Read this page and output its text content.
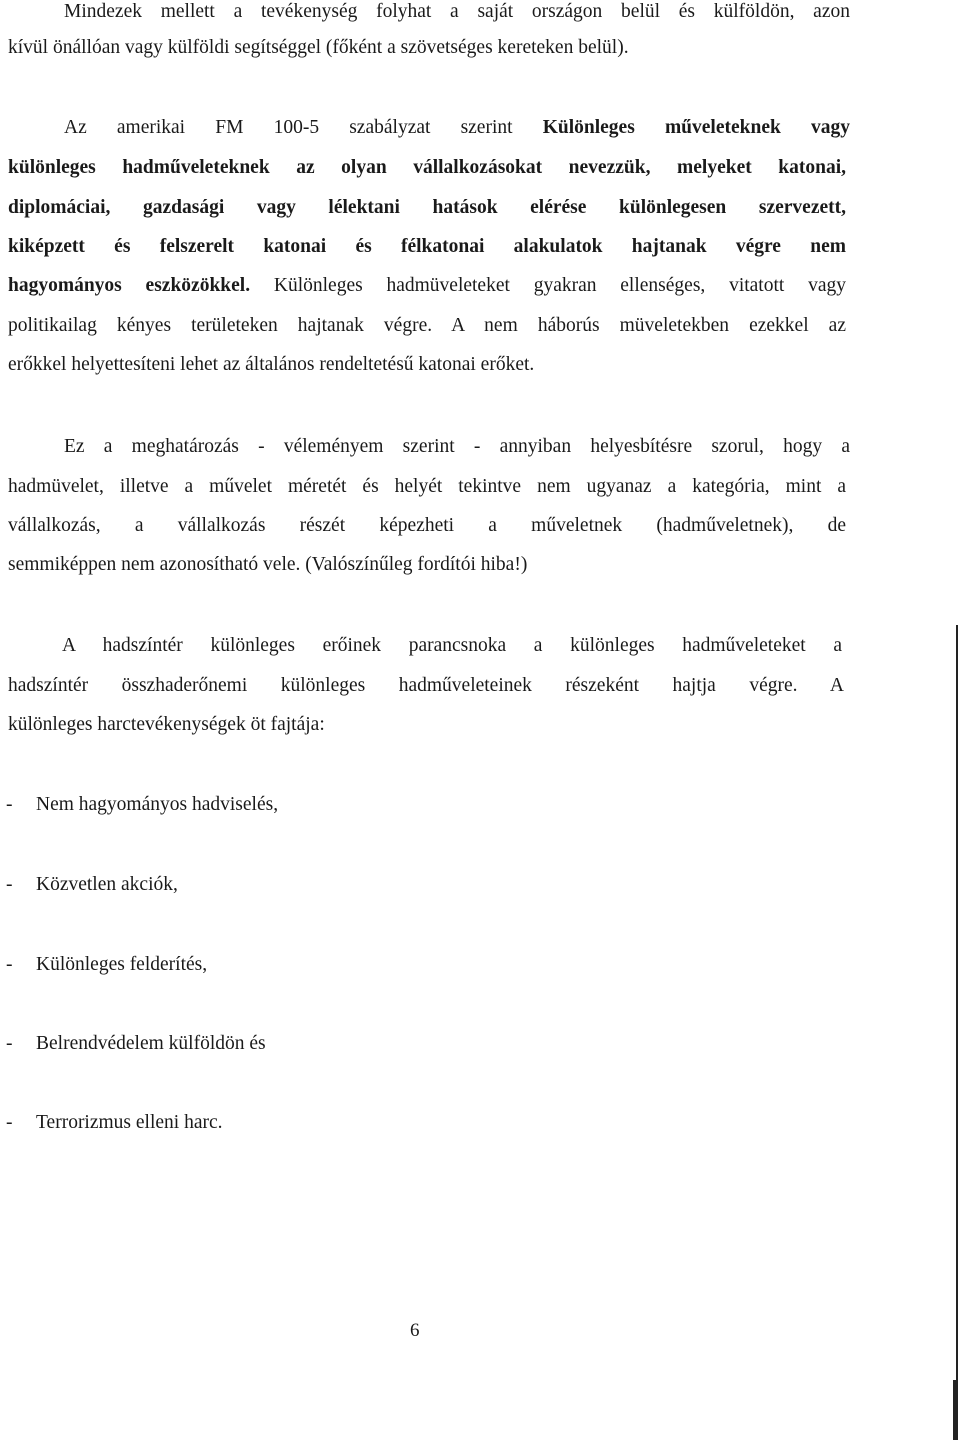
Mindezek mellett a tevékenység folyhat a saját országon belül és külföldön, azon
kívül önállóan vagy külföldi segítséggel (főként a szövetséges kereteken belül).
Az amerikai FM 100-5 szabályzat szerint Különleges műveleteknek vagy
különleges hadműveleteknek az olyan vállalkozásokat nevezzük, melyeket katonai,
diplomáciai, gazdasági vagy lélektani hatások elérése különlegesen szervezett,
kiképzett és felszerelt katonai és félkatonai alakulatok hajtanak végre nem
hagyományos eszközökkel. Különleges hadmüveleteket gyakran ellenséges, vitatott vagy
politikailag kényes területeken hajtanak végre. A nem háborús müveletekben ezekkel az
erőkkel helyettesíteni lehet az általános rendeltetésű katonai erőket.
Ez a meghatározás - véleményem szerint - annyiban helyesbítésre szorul, hogy a
hadmüvelet, illetve a művelet méretét és helyét tekintve nem ugyanaz a kategória, mint a
vállalkozás, a vállalkozás részét képezheti a műveletnek (hadműveletnek), de
semmiképpen nem azonosítható vele. (Valószínűleg fordítói hiba!)
A hadszíntér különleges erőinek parancsnoka a különleges hadműveleteket a
hadszíntér összhaderőnemi különleges hadműveleteinek részeként hajtja végre. A
különleges harctevékenységek öt fajtája:
- Nem hagyományos hadviselés,
- Közvetlen akciók,
- Különleges felderítés,
- Belrendvédelem külföldön és
- Terrorizmus elleni harc.
6
